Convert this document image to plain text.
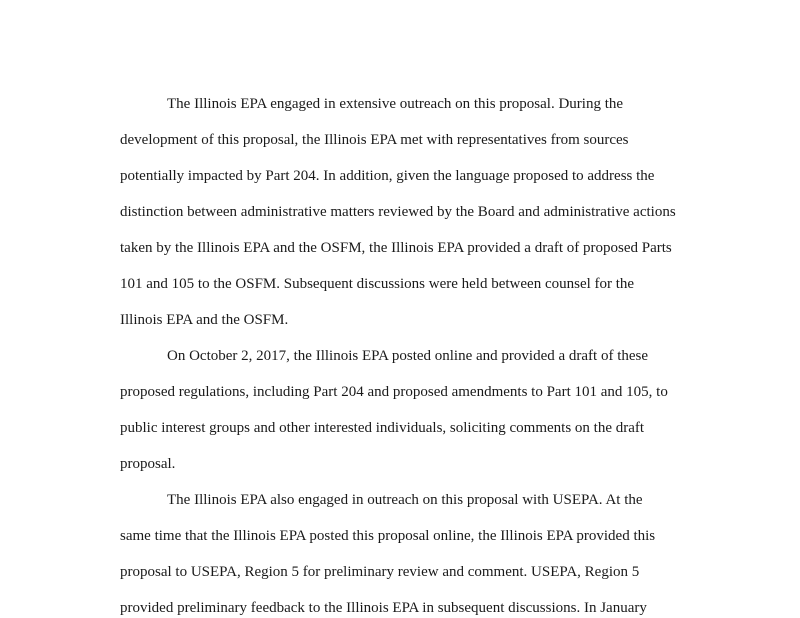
The Illinois EPA engaged in extensive outreach on this proposal. During the
development of this proposal, the Illinois EPA met with representatives from sources
potentially impacted by Part 204. In addition, given the language proposed to address the
distinction between administrative matters reviewed by the Board and administrative actions
taken by the Illinois EPA and the OSFM, the Illinois EPA provided a draft of proposed Parts
101 and 105 to the OSFM. Subsequent discussions were held between counsel for the
Illinois EPA and the OSFM.
On October 2, 2017, the Illinois EPA posted online and provided a draft of these
proposed regulations, including Part 204 and proposed amendments to Part 101 and 105, to
public interest groups and other interested individuals, soliciting comments on the draft
proposal.
The Illinois EPA also engaged in outreach on this proposal with USEPA. At the
same time that the Illinois EPA posted this proposal online, the Illinois EPA provided this
proposal to USEPA, Region 5 for preliminary review and comment. USEPA, Region 5
provided preliminary feedback to the Illinois EPA in subsequent discussions. In January
